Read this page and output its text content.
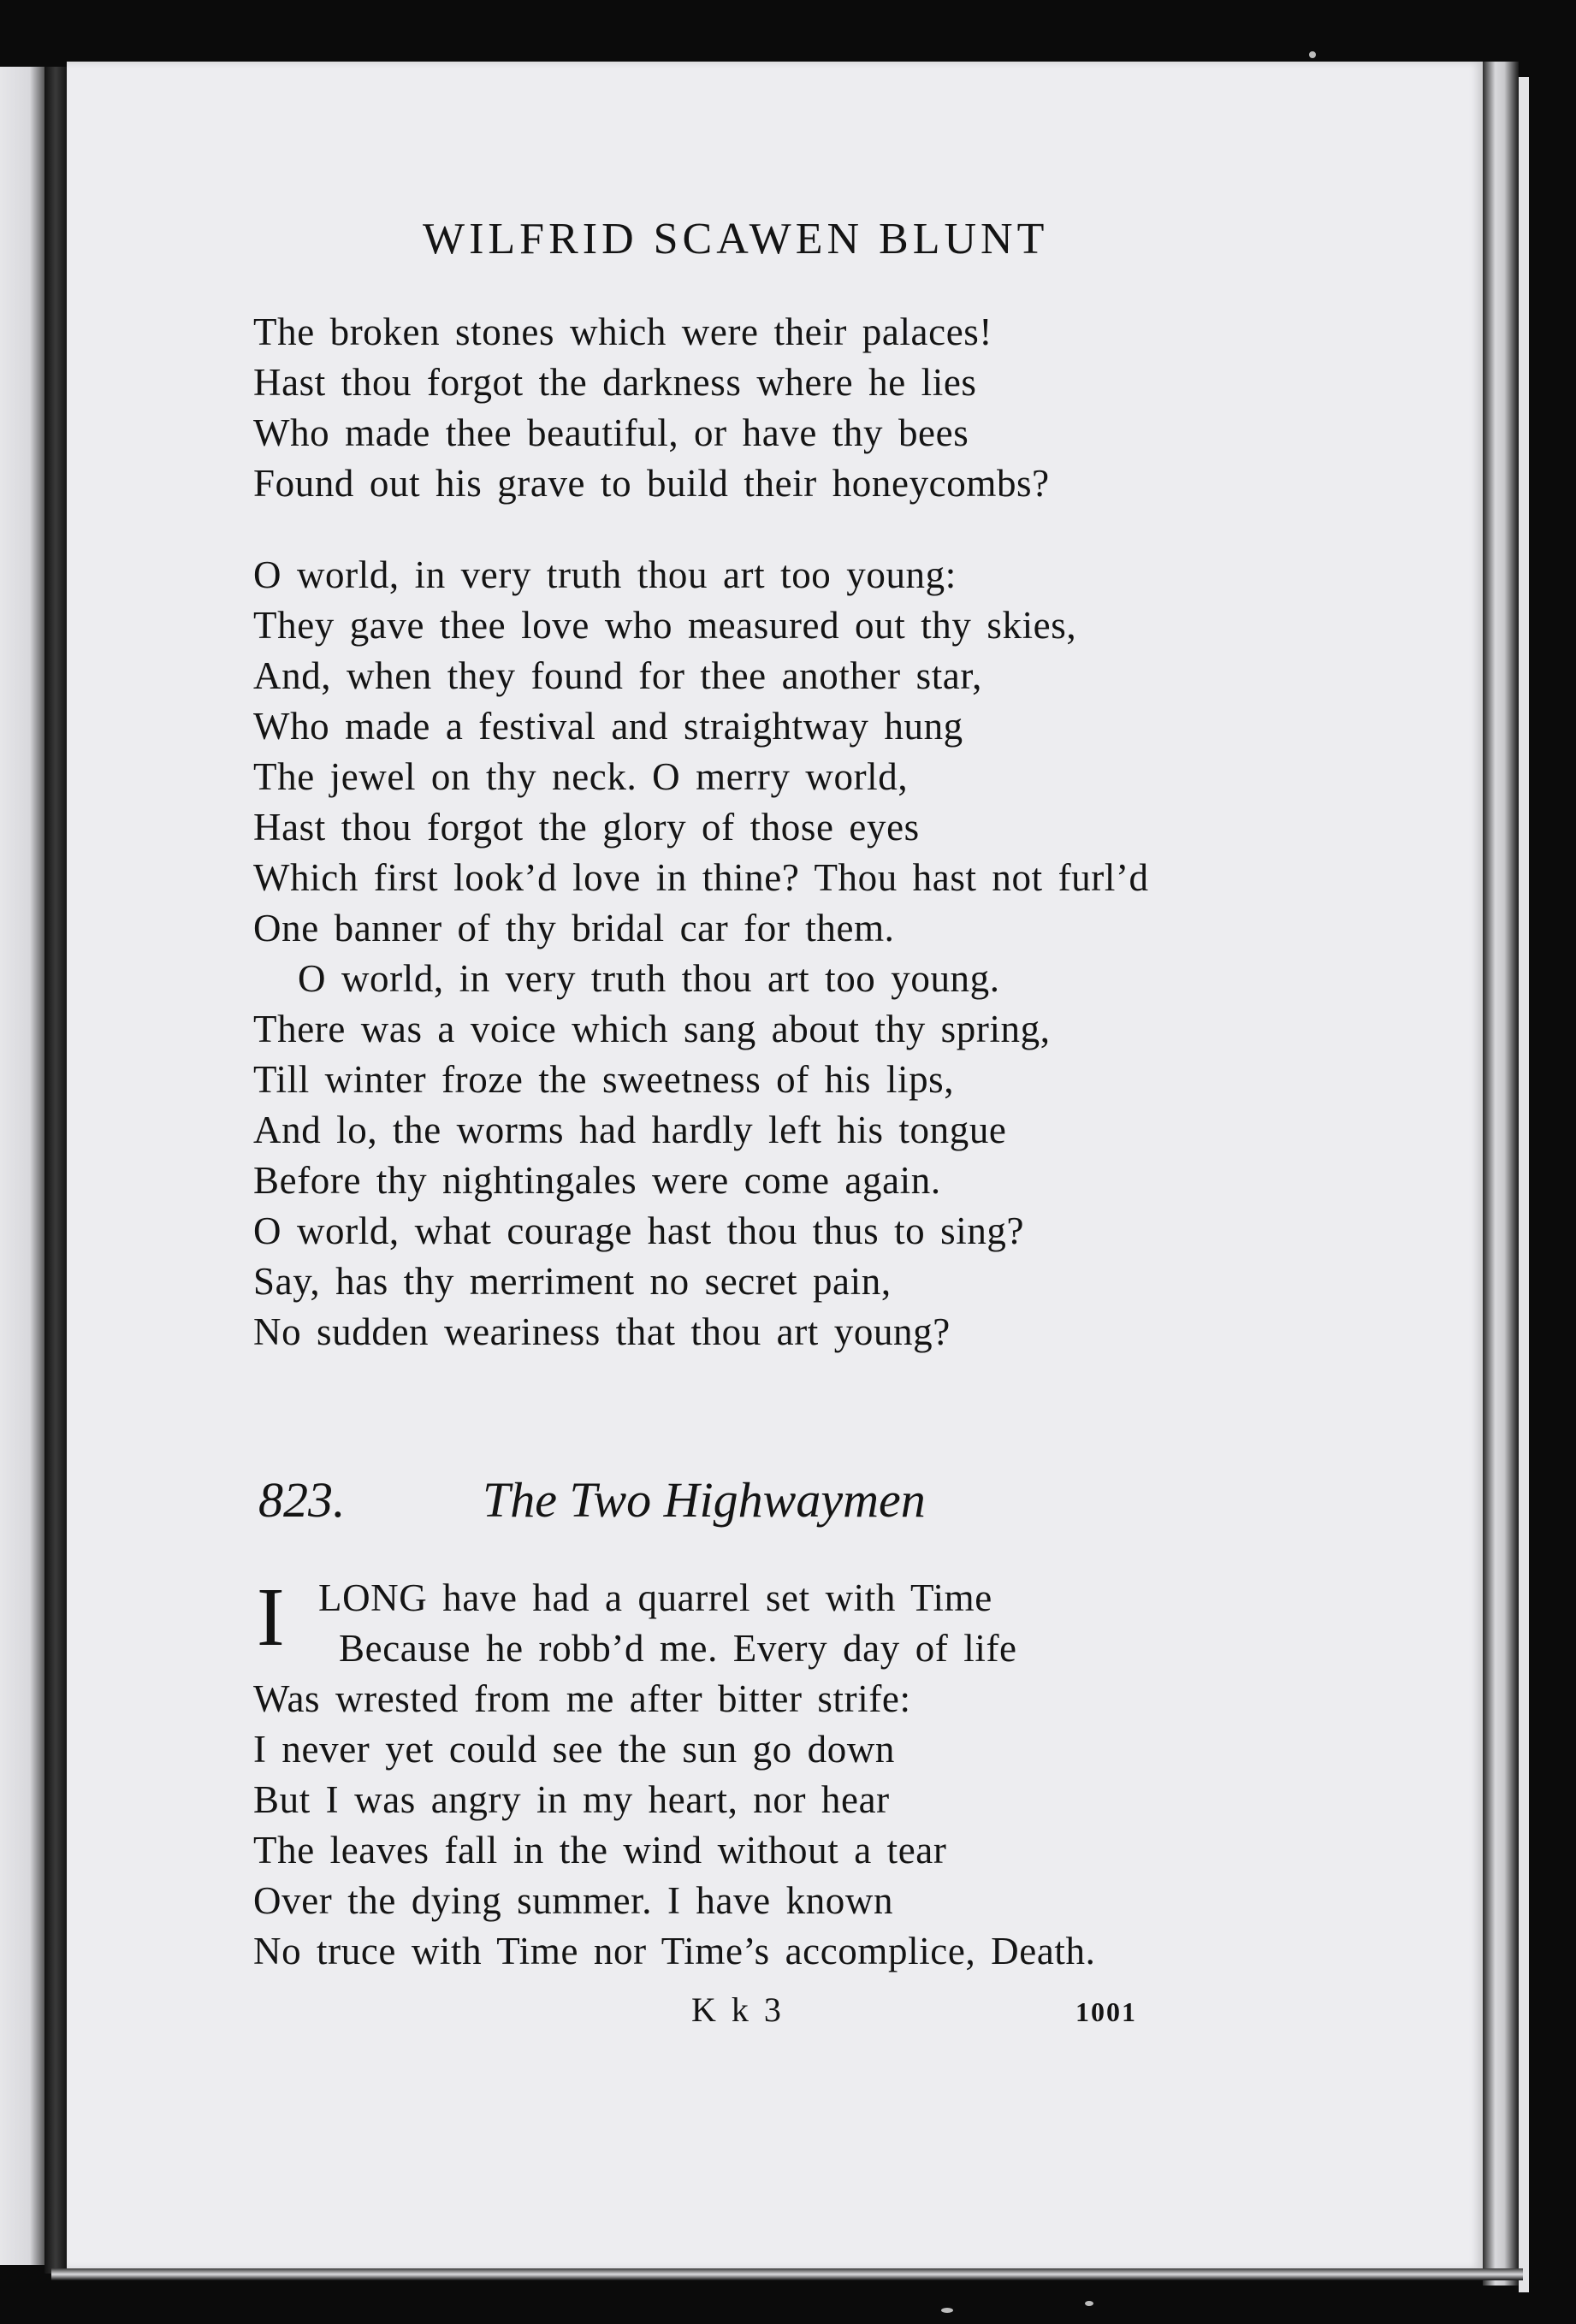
WILFRID SCAWEN BLUNT
The broken stones which were their palaces!
Hast thou forgot the darkness where he lies
Who made thee beautiful, or have thy bees
Found out his grave to build their honeycombs?
O world, in very truth thou art too young:
They gave thee love who measured out thy skies,
And, when they found for thee another star,
Who made a festival and straightway hung
The jewel on thy neck. O merry world,
Hast thou forgot the glory of those eyes
Which first look’d love in thine? Thou hast not furl’d
One banner of thy bridal car for them.
O world, in very truth thou art too young.
There was a voice which sang about thy spring,
Till winter froze the sweetness of his lips,
And lo, the worms had hardly left his tongue
Before thy nightingales were come again.
O world, what courage hast thou thus to sing?
Say, has thy merriment no secret pain,
No sudden weariness that thou art young?
823.	The Two Highwaymen
I LONG have had a quarrel set with Time
Because he robb’d me. Every day of life
Was wrested from me after bitter strife:
I never yet could see the sun go down
But I was angry in my heart, nor hear
The leaves fall in the wind without a tear
Over the dying summer. I have known
No truce with Time nor Time’s accomplice, Death.
K k 3	1001
